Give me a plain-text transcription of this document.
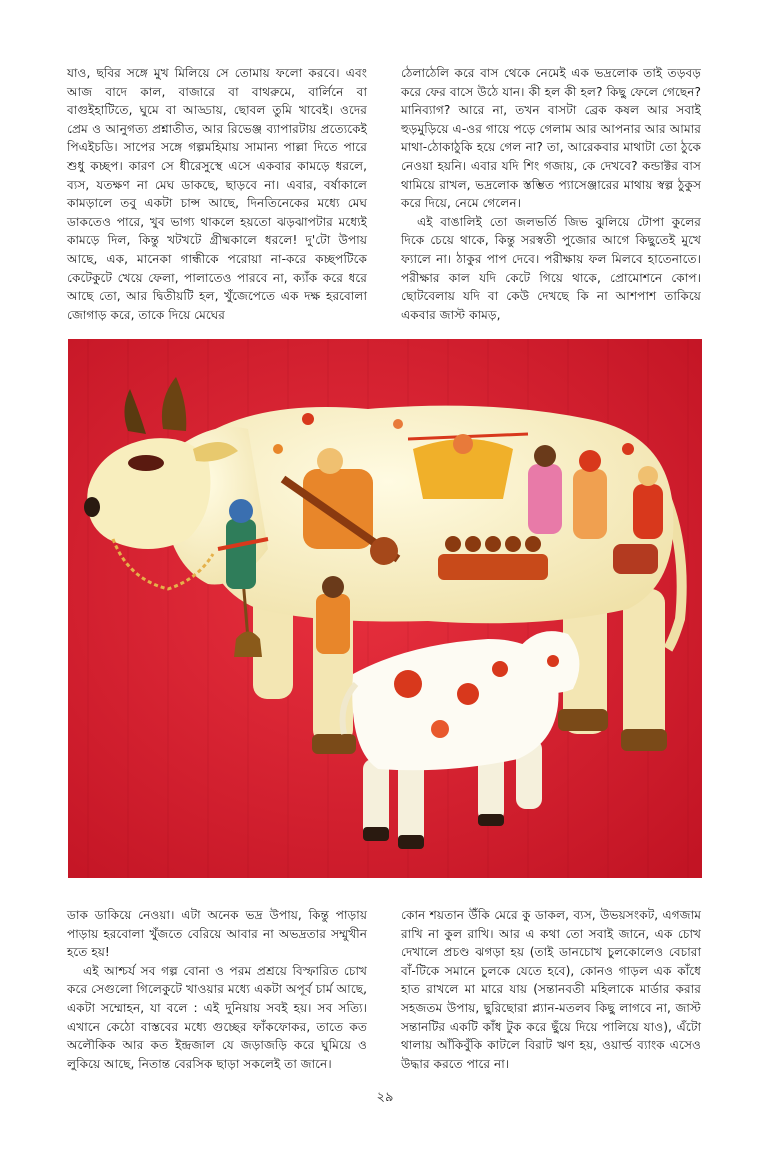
যাও, ছবির সঙ্গে মুখ মিলিয়ে সে তোমায় ফলো করবে। এবং আজ বাদে কাল, বাজারে বা বাথরুমে, বার্লিনে বা বাগুইহাটিতে, ঘুমে বা আড্ডায়, ছোবল তুমি খাবেই। ওদের প্রেম ও আনুগত্য প্রশ্নাতীত, আর রিভেঞ্জ ব্যাপারটায় প্রত্যেকেই পিএইচডি। সাপের সঙ্গে গল্পমহিমায় সামান্য পাল্লা দিতে পারে শুধু কচ্ছপ। কারণ সে ধীরেসুস্থে এসে একবার কামড়ে ধরলে, ব্যস, যতক্ষণ না মেঘ ডাকছে, ছাড়বে না। এবার, বর্ষাকালে কামড়ালে তবু একটা চান্স আছে, দিনতিনেকের মধ্যে মেঘ ডাকতেও পারে, খুব ভাগ্য থাকলে হয়তো ঝড়ঝাপটার মধ্যেই কামড়ে দিল, কিন্তু খটখটে গ্রীষ্মকালে ধরলে! দু'টো উপায় আছে, এক, মানেকা গান্ধীকে পরোয়া না-করে কচ্ছপটিকে কেটেকুটে খেয়ে ফেলা, পালাতেও পারবে না, ক্যাঁক করে ধরে আছে তো, আর দ্বিতীয়টি হল, খুঁজেপেতে এক দক্ষ হরবোলা জোগাড় করে, তাকে দিয়ে মেঘের

ঠেলাঠেলি করে বাস থেকে নেমেই এক ভদ্রলোক তাই তড়বড় করে ফের বাসে উঠে যান। কী হল কী হল? কিছু ফেলে গেছেন? মানিব্যাগ? আরে না, তখন বাসটা ব্রেক কষল আর সবাই হুড়মুড়িয়ে এ-ওর গায়ে পড়ে গেলাম আর আপনার আর আমার মাথা-ঠোকাঠুকি হয়ে গেল না? তা, আরেকবার মাথাটা তো ঠুকে নেওয়া হয়নি। এবার যদি শিং গজায়, কে দেখবে? কন্ডাক্টর বাস থামিয়ে রাখল, ভদ্রলোক স্তম্ভিত প্যাসেঞ্জারের মাথায় স্বল্প ঠুকুস করে দিয়ে, নেমে গেলেন।

এই বাঙালিই তো জলভর্তি জিভ ঝুলিয়ে টোপা কুলের দিকে চেয়ে থাকে, কিন্তু সরস্বতী পুজোর আগে কিছুতেই মুখে ফ্যালে না। ঠাকুর পাপ দেবে। পরীক্ষায় ফল মিলবে হাতেনাতে। পরীক্ষার কাল যদি কেটে গিয়ে থাকে, প্রোমোশনে কোপ। ছোটবেলায় যদি বা কেউ দেখছে কি না আশপাশ তাকিয়ে একবার জাস্ট কামড়,

ডাক ডাকিয়ে নেওয়া। এটা অনেক ভদ্র উপায়, কিন্তু পাড়ায় পাড়ায় হরবোলা খুঁজতে বেরিয়ে আবার না অভদ্রতার সম্মুখীন হতে হয়!

এই আশ্চর্য সব গল্প বোনা ও পরম প্রশ্রয়ে বিস্ফারিত চোখ করে সেগুলো গিলেকুটে খাওয়ার মধ্যে একটা অপূর্ব চার্ম আছে, একটা সম্মোহন, যা বলে : এই দুনিয়ায় সবই হয়। সব সত্যি। এখানে কেঠো বাস্তবের মধ্যে গুচ্ছের ফাঁকফোকর, তাতে কত অলৌকিক আর কত ইন্দ্রজাল যে জড়াজড়ি করে ঘুমিয়ে ও লুকিয়ে আছে, নিতান্ত বেরসিক ছাড়া সকলেই তা জানে।

কোন শয়তান উঁকি মেরে কু ডাকল, ব্যস, উভয়সংকট, এগজাম রাখি না কুল রাখি। আর এ কথা তো সবাই জানে, এক চোখ দেখালে প্রচণ্ড ঝগড়া হয় (তাই ডানচোখ চুলকোলেও বেচারা বাঁ-টিকে সমানে চুলকে যেতে হবে), কোনও গাড়ল এক কাঁধে হাত রাখলে মা মারে যায় (সন্তানবতী মহিলাকে মার্ডার করার সহজতম উপায়, ছুরিছোরা প্ল্যান-মতলব কিছু লাগবে না, জাস্ট সন্তানটির একটি কাঁধ টুক করে ছুঁয়ে দিয়ে পালিয়ে যাও), এঁটো থালায় আঁকিবুঁকি কাটলে বিরাট ঋণ হয়, ওয়ার্ল্ড ব্যাংক এসেও উদ্ধার করতে পারে না।

২৯
